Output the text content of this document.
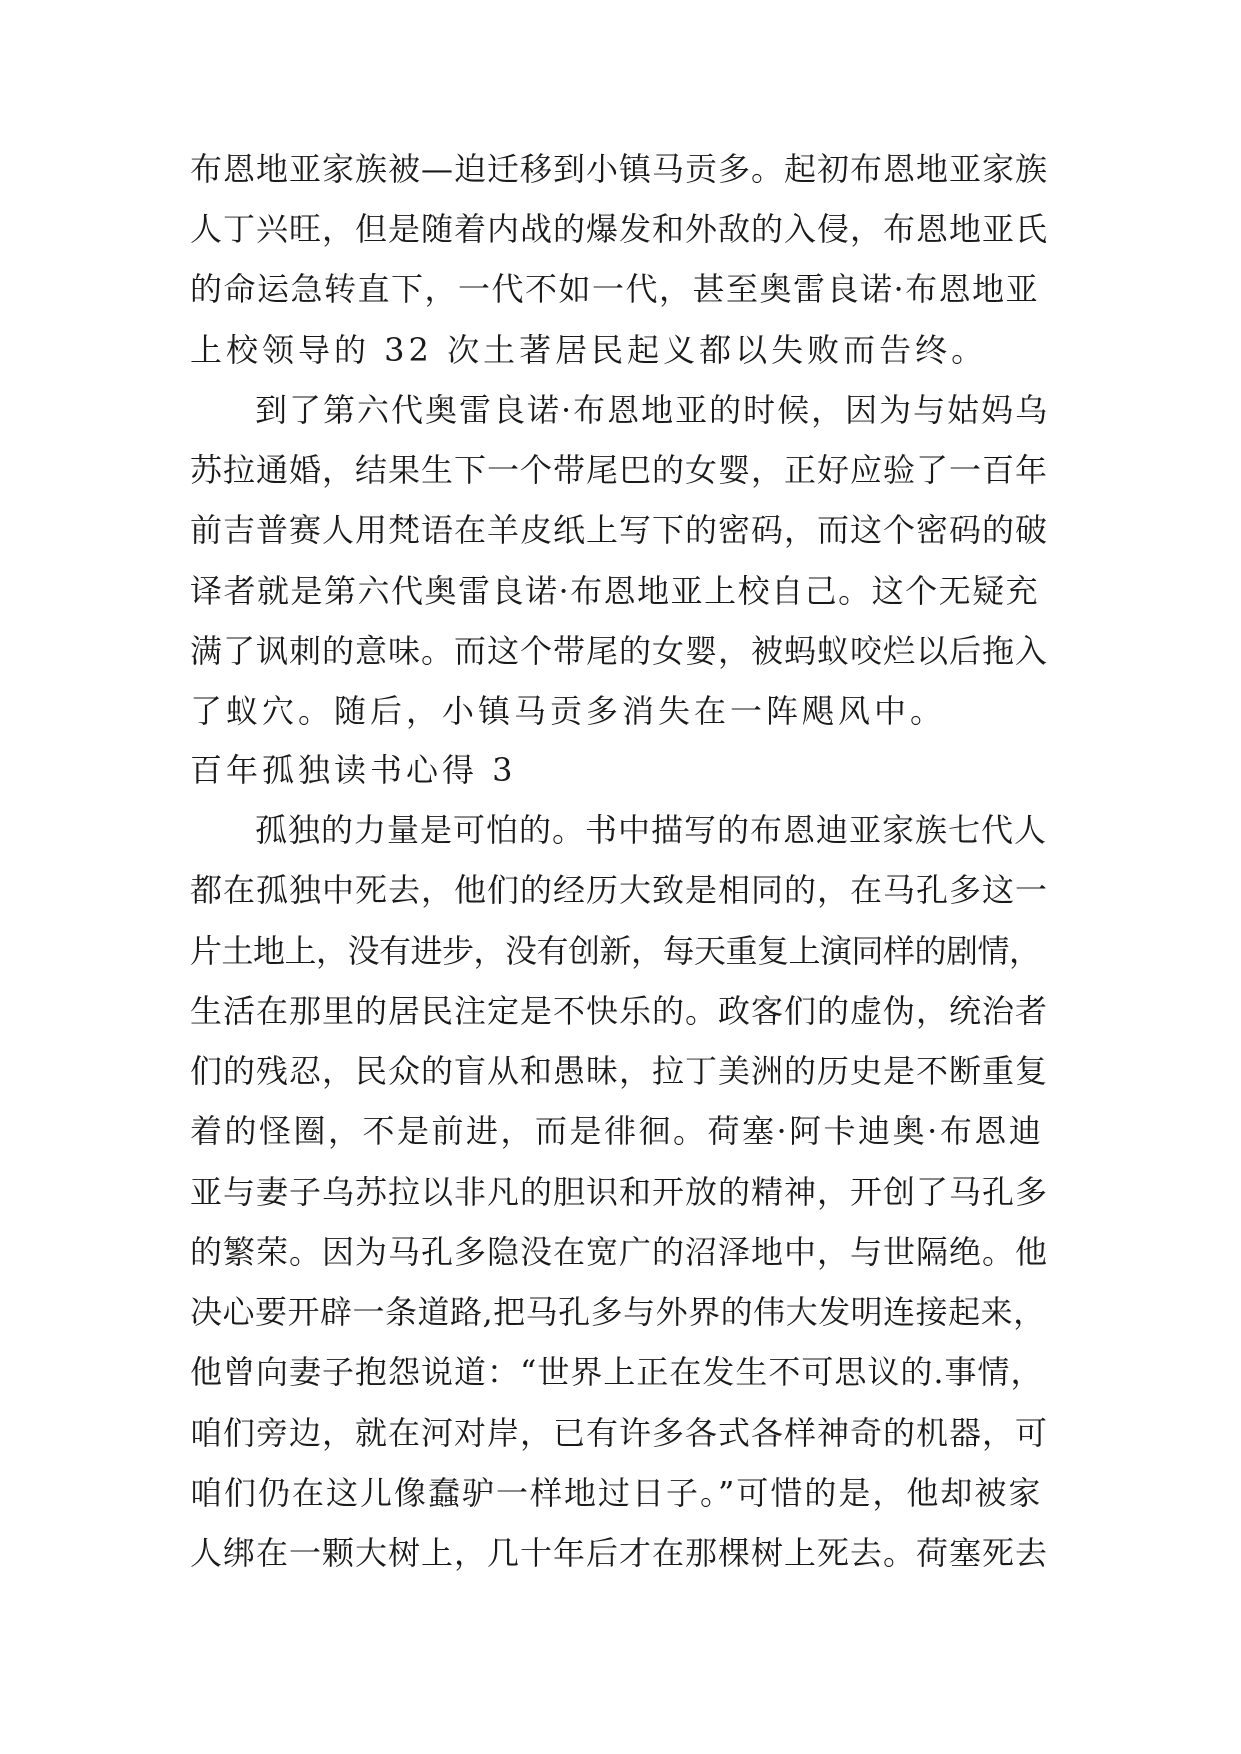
布恩地亚家族被—迫迁移到小镇马贡多。起初布恩地亚家族
人丁兴旺，但是随着内战的爆发和外敌的入侵，布恩地亚氏
的命运急转直下，一代不如一代，甚至奥雷良诺·布恩地亚
上校领导的 32 次土著居民起义都以失败而告终。
到了第六代奥雷良诺·布恩地亚的时候，因为与姑妈乌
苏拉通婚，结果生下一个带尾巴的女婴，正好应验了一百年
前吉普赛人用梵语在羊皮纸上写下的密码，而这个密码的破
译者就是第六代奥雷良诺·布恩地亚上校自己。这个无疑充
满了讽刺的意味。而这个带尾的女婴，被蚂蚁咬烂以后拖入
了蚁穴。随后，小镇马贡多消失在一阵飓风中。
百年孤独读书心得 3
孤独的力量是可怕的。书中描写的布恩迪亚家族七代人
都在孤独中死去，他们的经历大致是相同的，在马孔多这一
片土地上，没有进步，没有创新，每天重复上演同样的剧情，
生活在那里的居民注定是不快乐的。政客们的虚伪，统治者
们的残忍，民众的盲从和愚昧，拉丁美洲的历史是不断重复
着的怪圈，不是前进，而是徘徊。荷塞·阿卡迪奥·布恩迪
亚与妻子乌苏拉以非凡的胆识和开放的精神，开创了马孔多
的繁荣。因为马孔多隐没在宽广的沼泽地中，与世隔绝。他
决心要开辟一条道路,把马孔多与外界的伟大发明连接起来，
他曾向妻子抱怨说道：“世界上正在发生不可思议的.事情，
咱们旁边，就在河对岸，已有许多各式各样神奇的机器，可
咱们仍在这儿像蠢驴一样地过日子。”可惜的是，他却被家
人绑在一颗大树上，几十年后才在那棵树上死去。荷塞死去
